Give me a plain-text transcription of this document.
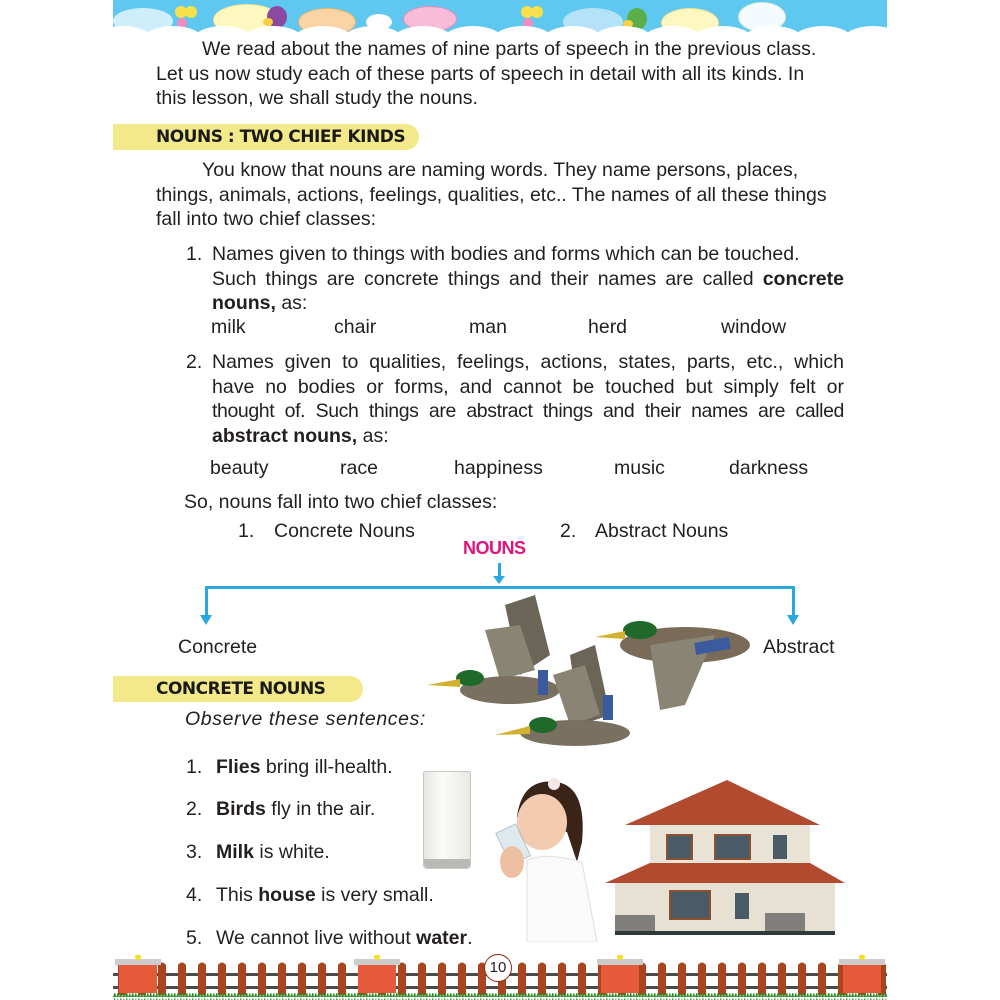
We read about the names of nine parts of speech in the previous class.

Let us now study each of these parts of speech in detail with all its kinds. In

this lesson, we shall study the nouns.

NOUNS : TWO CHIEF KINDS

You know that nouns are naming words. They name persons, places,

things, animals, actions, feelings, qualities, etc.. The names of all these things

fall into two chief classes:

1. Names given to things with bodies and forms which can be touched.

Such things are concrete things and their names are called concrete

nouns, as:

milk	chair	man	herd	window
2. Names given to qualities, feelings, actions, states, parts, etc., which

have no bodies or forms, and cannot be touched but simply felt or

thought of. Such things are abstract things and their names are called

abstract nouns, as:

beauty	race	happiness	music	darkness
So, nouns fall into two chief classes:
1. Concrete Nouns	2. Abstract Nouns
NOUNS
Concrete	Abstract
CONCRETE NOUNS
Observe these sentences:
1. Flies bring ill-health.
2. Birds fly in the air.
3. Milk is white.
4. This house is very small.
5. We cannot live without water.
10
